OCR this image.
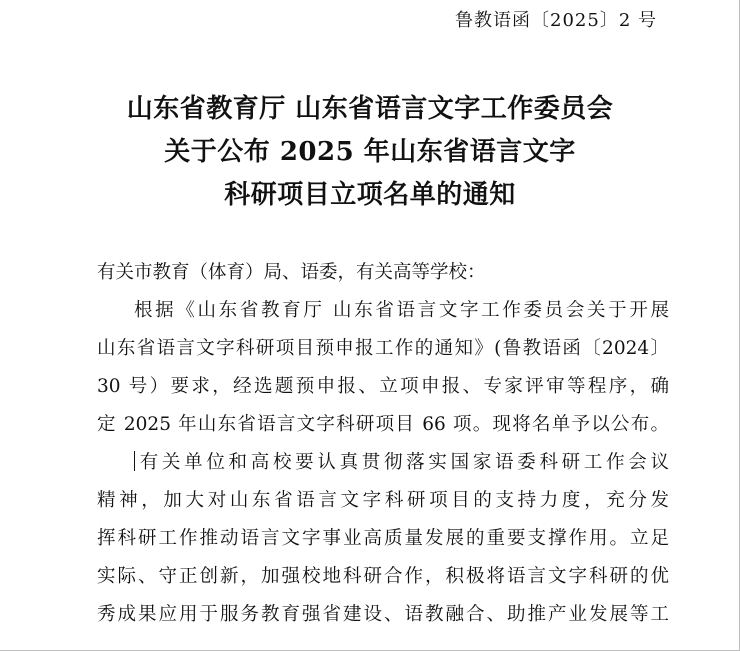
鲁教语函〔2025〕2 号
山东省教育厅 山东省语言文字工作委员会
关于公布 2025 年山东省语言文字
科研项目立项名单的通知
有关市教育（体育）局、语委，有关高等学校：
根据《山东省教育厅 山东省语言文字工作委员会关于开展
山东省语言文字科研项目预申报工作的通知》(鲁教语函〔2024〕
30 号）要求，经选题预申报、立项申报、专家评审等程序，确
定 2025 年山东省语言文字科研项目 66 项。现将名单予以公布。
有关单位和高校要认真贯彻落实国家语委科研工作会议
精神，加大对山东省语言文字科研项目的支持力度，充分发
挥科研工作推动语言文字事业高质量发展的重要支撑作用。立足
实际、守正创新，加强校地科研合作，积极将语言文字科研的优
秀成果应用于服务教育强省建设、语教融合、助推产业发展等工
